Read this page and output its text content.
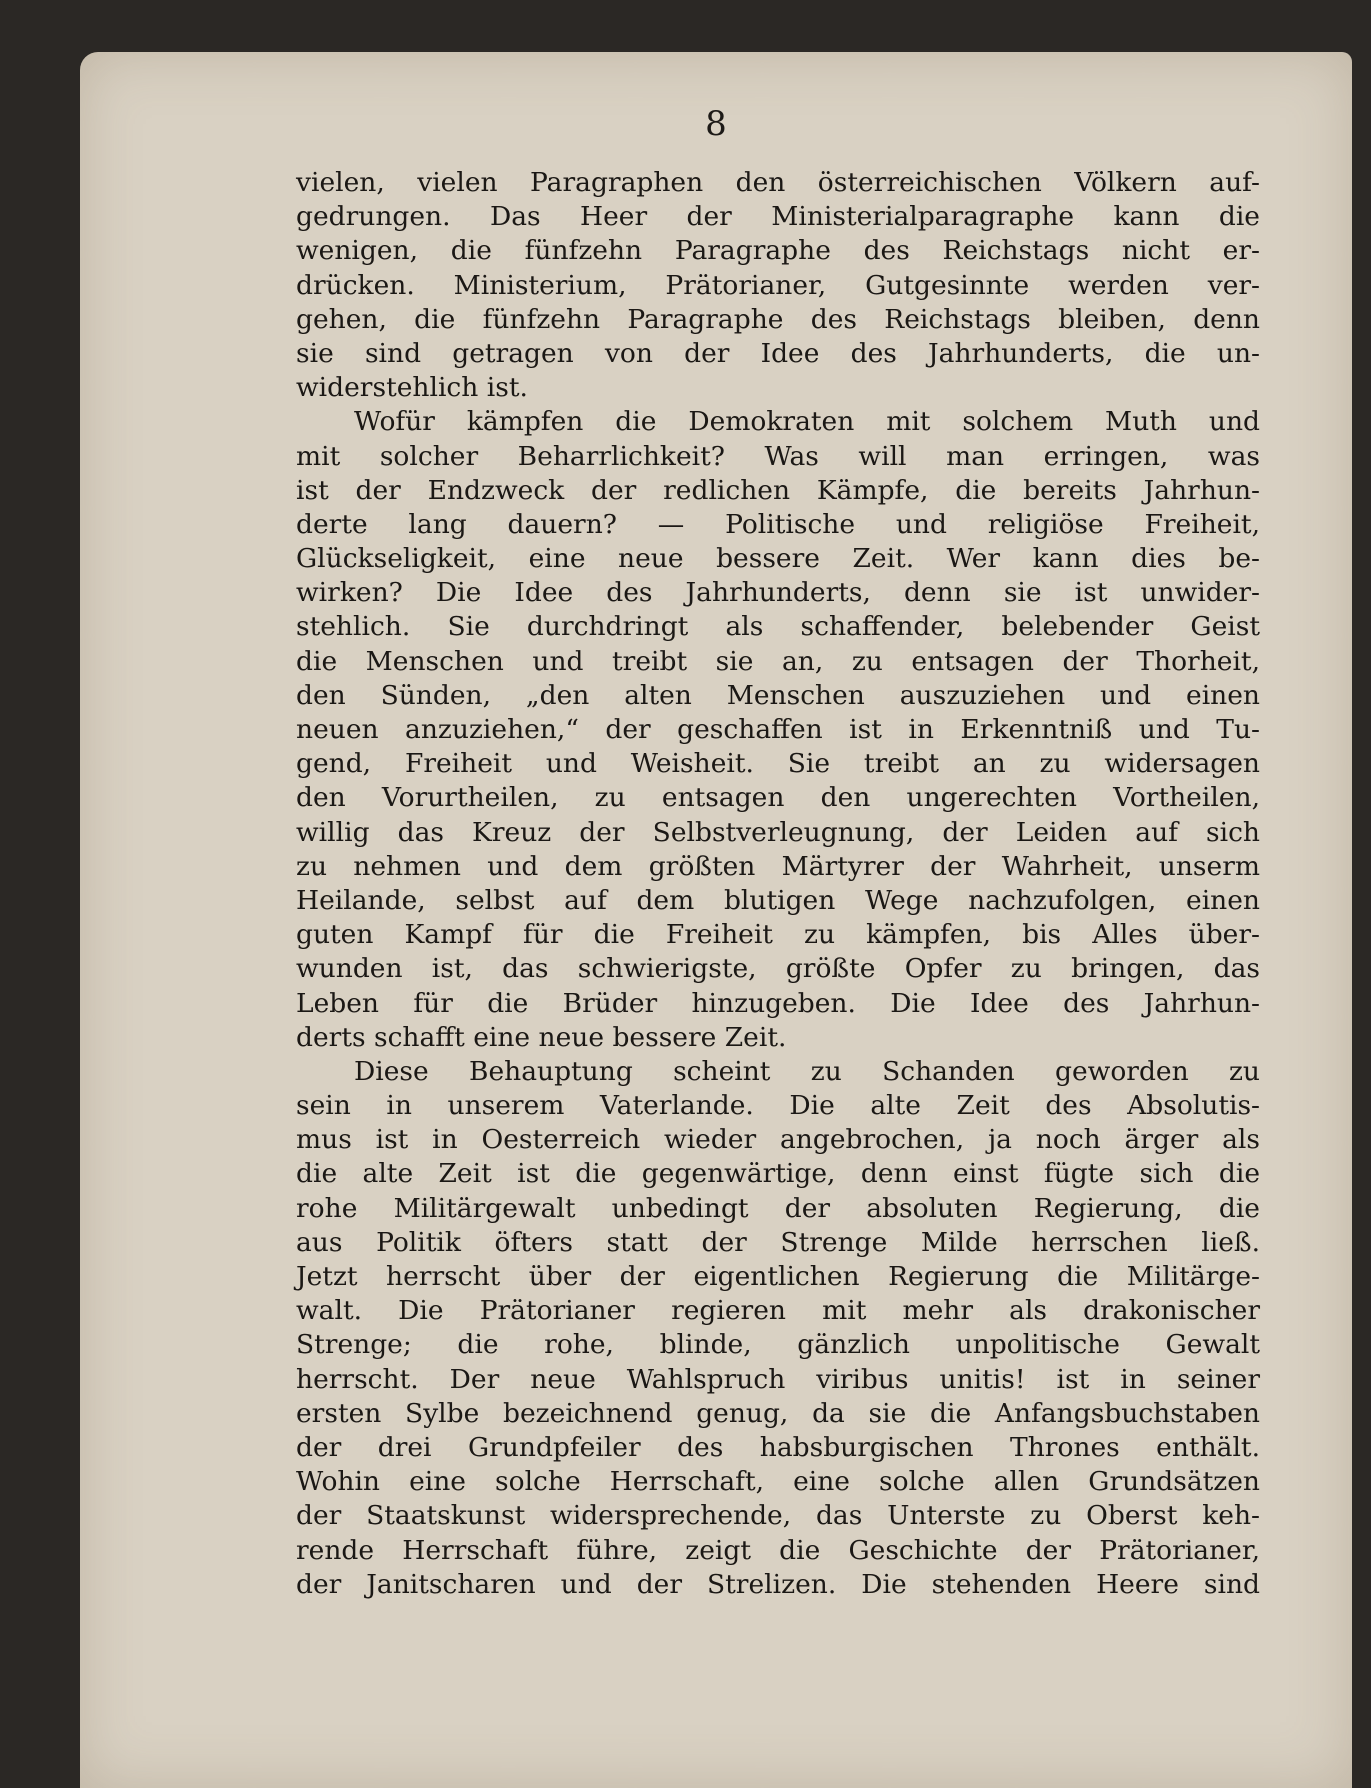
8

vielen, vielen Paragraphen den österreichischen Völkern auf-
gedrungen. Das Heer der Ministerialparagraphe kann die
wenigen, die fünfzehn Paragraphe des Reichstags nicht er-
drücken. Ministerium, Prätorianer, Gutgesinnte werden ver-
gehen, die fünfzehn Paragraphe des Reichstags bleiben, denn
sie sind getragen von der Idee des Jahrhunderts, die un-
widerstehlich ist.
Wofür kämpfen die Demokraten mit solchem Muth und
mit solcher Beharrlichkeit? Was will man erringen, was
ist der Endzweck der redlichen Kämpfe, die bereits Jahrhun-
derte lang dauern? — Politische und religiöse Freiheit,
Glückseligkeit, eine neue bessere Zeit. Wer kann dies be-
wirken? Die Idee des Jahrhunderts, denn sie ist unwider-
stehlich. Sie durchdringt als schaffender, belebender Geist
die Menschen und treibt sie an, zu entsagen der Thorheit,
den Sünden, „den alten Menschen auszuziehen und einen
neuen anzuziehen,“ der geschaffen ist in Erkenntniß und Tu-
gend, Freiheit und Weisheit. Sie treibt an zu widersagen
den Vorurtheilen, zu entsagen den ungerechten Vortheilen,
willig das Kreuz der Selbstverleugnung, der Leiden auf sich
zu nehmen und dem größten Märtyrer der Wahrheit, unserm
Heilande, selbst auf dem blutigen Wege nachzufolgen, einen
guten Kampf für die Freiheit zu kämpfen, bis Alles über-
wunden ist, das schwierigste, größte Opfer zu bringen, das
Leben für die Brüder hinzugeben. Die Idee des Jahrhun-
derts schafft eine neue bessere Zeit.
Diese Behauptung scheint zu Schanden geworden zu
sein in unserem Vaterlande. Die alte Zeit des Absolutis-
mus ist in Oesterreich wieder angebrochen, ja noch ärger als
die alte Zeit ist die gegenwärtige, denn einst fügte sich die
rohe Militärgewalt unbedingt der absoluten Regierung, die
aus Politik öfters statt der Strenge Milde herrschen ließ.
Jetzt herrscht über der eigentlichen Regierung die Militärge-
walt. Die Prätorianer regieren mit mehr als drakonischer
Strenge; die rohe, blinde, gänzlich unpolitische Gewalt
herrscht. Der neue Wahlspruch viribus unitis! ist in seiner
ersten Sylbe bezeichnend genug, da sie die Anfangsbuchstaben
der drei Grundpfeiler des habsburgischen Thrones enthält.
Wohin eine solche Herrschaft, eine solche allen Grundsätzen
der Staatskunst widersprechende, das Unterste zu Oberst keh-
rende Herrschaft führe, zeigt die Geschichte der Prätorianer,
der Janitscharen und der Strelizen. Die stehenden Heere sind
